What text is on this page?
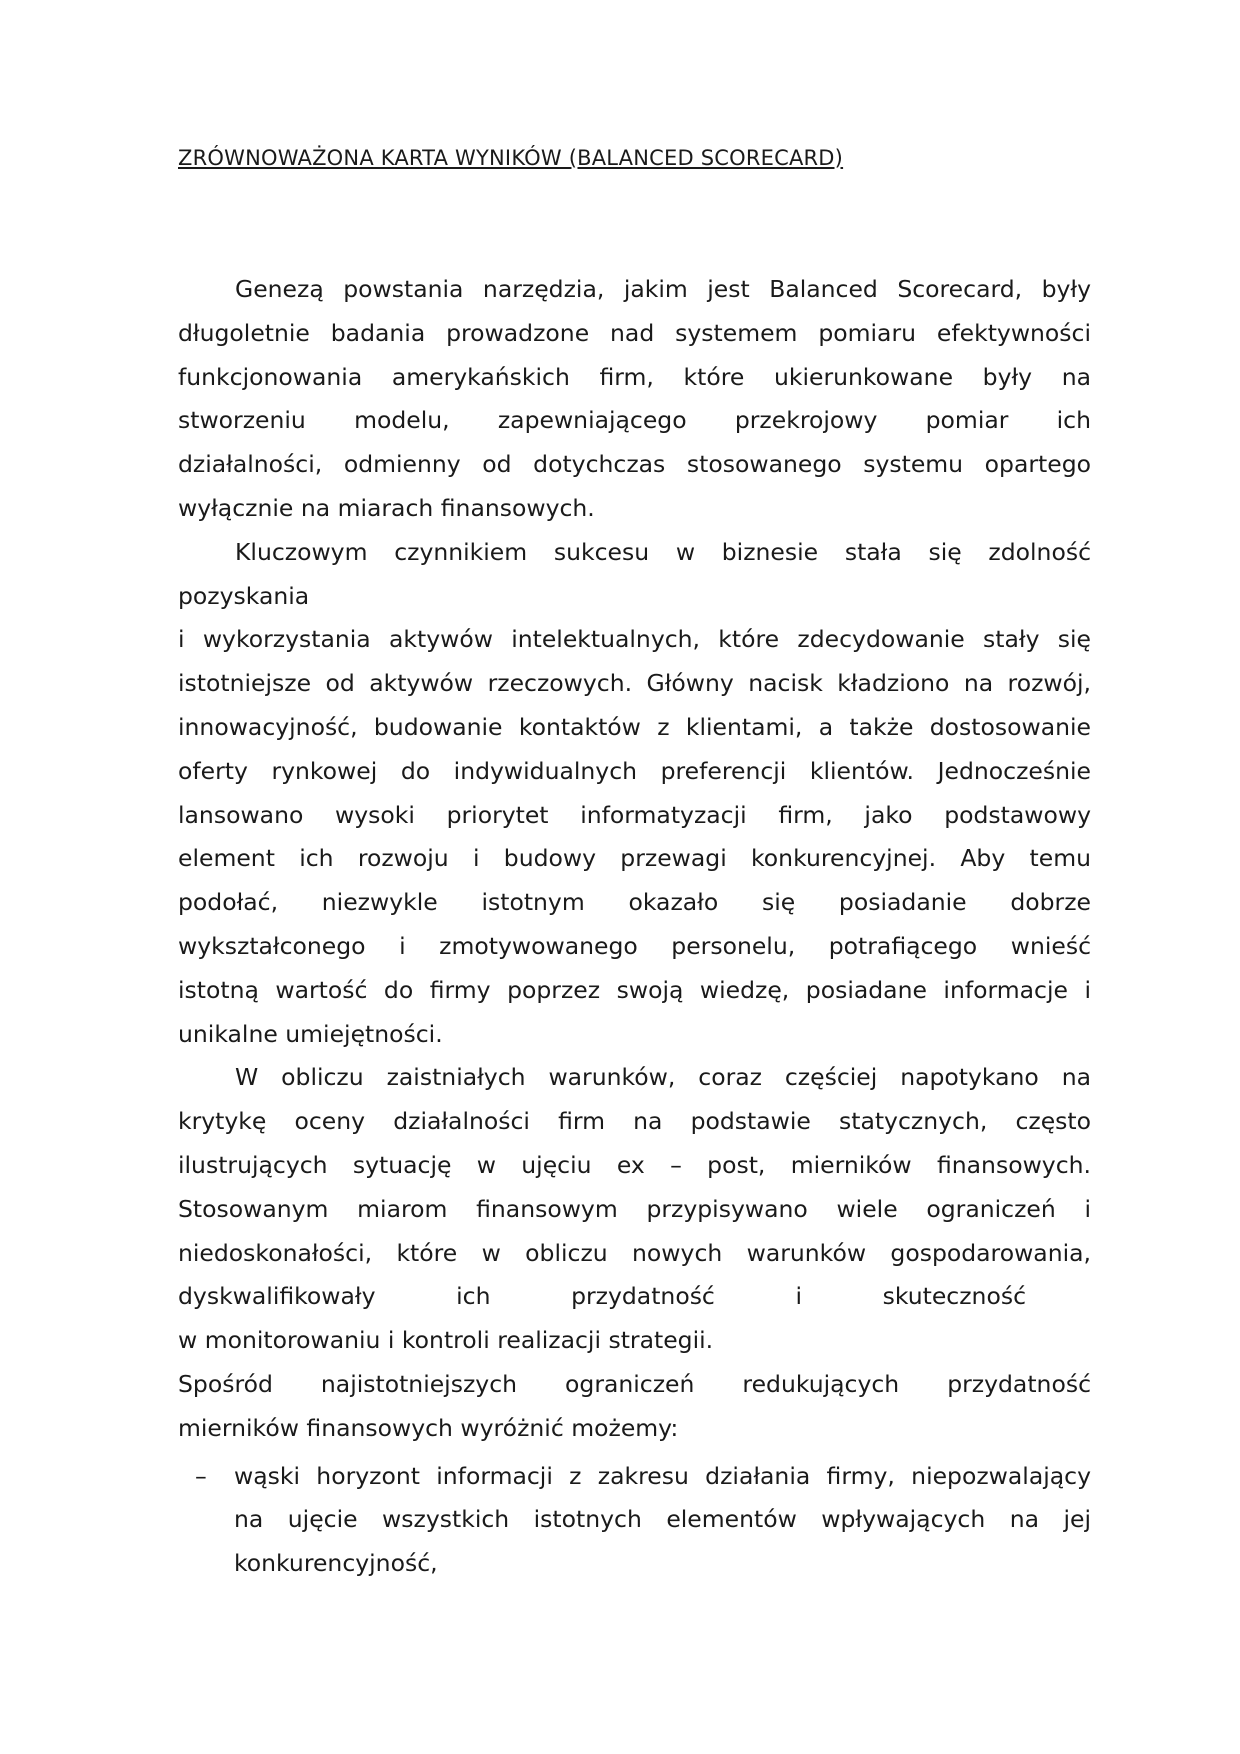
ZRÓWNOWAŻONA KARTA WYNIKÓW (BALANCED SCORECARD)

Genezą powstania narzędzia, jakim jest Balanced Scorecard, były
długoletnie badania prowadzone nad systemem pomiaru efektywności
funkcjonowania amerykańskich firm, które ukierunkowane były na
stworzeniu modelu, zapewniającego przekrojowy pomiar ich
działalności, odmienny od dotychczas stosowanego systemu opartego
wyłącznie na miarach finansowych.
Kluczowym czynnikiem sukcesu w biznesie stała się zdolność
pozyskania
i wykorzystania aktywów intelektualnych, które zdecydowanie stały się
istotniejsze od aktywów rzeczowych. Główny nacisk kładziono na rozwój,
innowacyjność, budowanie kontaktów z klientami, a także dostosowanie
oferty rynkowej do indywidualnych preferencji klientów. Jednocześnie
lansowano wysoki priorytet informatyzacji firm, jako podstawowy
element ich rozwoju i budowy przewagi konkurencyjnej. Aby temu
podołać, niezwykle istotnym okazało się posiadanie dobrze
wykształconego i zmotywowanego personelu, potrafiącego wnieść
istotną wartość do firmy poprzez swoją wiedzę, posiadane informacje i
unikalne umiejętności.
W obliczu zaistniałych warunków, coraz częściej napotykano na
krytykę oceny działalności firm na podstawie statycznych, często
ilustrujących sytuację w ujęciu ex – post, mierników finansowych.
Stosowanym miarom finansowym przypisywano wiele ograniczeń i
niedoskonałości, które w obliczu nowych warunków gospodarowania,
dyskwalifikowały ich przydatność i skuteczność
w monitorowaniu i kontroli realizacji strategii.
Spośród najistotniejszych ograniczeń redukujących przydatność
mierników finansowych wyróżnić możemy:
– wąski horyzont informacji z zakresu działania firmy, niepozwalający
na ujęcie wszystkich istotnych elementów wpływających na jej
konkurencyjność,
